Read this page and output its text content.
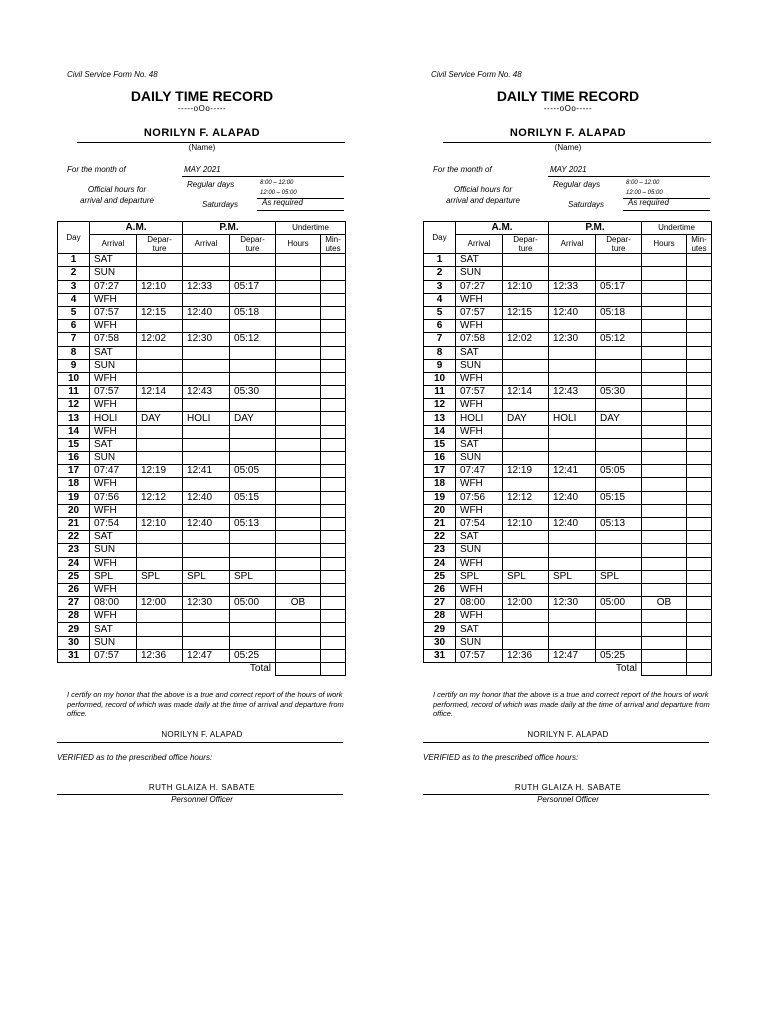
Civil Service Form No. 48
DAILY TIME RECORD
-----oOo-----
NORILYN F. ALAPAD
(Name)
For the month of	MAY 2021
Official hours for
arrival and departure
Regular days	8:00 – 12:00
12:00 – 05:00
Saturdays	As required
Day	A.M.		P.M.		Undertime	
	Arrival	Depar-
ture	Arrival	Depar-
ture	Hours	Min-
utes
1	SAT					
2	SUN					
3	07:27	12:10	12:33	05:17		
4	WFH					
5	07:57	12:15	12:40	05:18		
6	WFH					
7	07:58	12:02	12:30	05:12		
8	SAT					
9	SUN					
10	WFH					
11	07:57	12:14	12:43	05:30		
12	WFH					
13	HOLI	DAY	HOLI	DAY		
14	WFH					
15	SAT					
16	SUN					
17	07:47	12:19	12:41	05:05		
18	WFH					
19	07:56	12:12	12:40	05:15		
20	WFH					
21	07:54	12:10	12:40	05:13		
22	SAT					
23	SUN					
24	WFH					
25	SPL	SPL	SPL	SPL		
26	WFH					
27	08:00	12:00	12:30	05:00	OB	
28	WFH					
29	SAT					
30	SUN					
31	07:57	12:36	12:47	05:25		
Total						
I certify on my honor that the above is a true and correct report of the hours of work performed, record of which was made daily at the time of arrival and departure from office.
NORILYN F. ALAPAD
VERIFIED as to the prescribed office hours:
RUTH GLAIZA H. SABATE
Personnel Officer
Civil Service Form No. 48
DAILY TIME RECORD
-----oOo-----
NORILYN F. ALAPAD
(Name)
For the month of	MAY 2021
Official hours for
arrival and departure
Regular days	8:00 – 12:00
12:00 – 05:00
Saturdays	As required
Day	A.M.		P.M.		Undertime	
	Arrival	Depar-
ture	Arrival	Depar-
ture	Hours	Min-
utes
1	SAT					
2	SUN					
3	07:27	12:10	12:33	05:17		
4	WFH					
5	07:57	12:15	12:40	05:18		
6	WFH					
7	07:58	12:02	12:30	05:12		
8	SAT					
9	SUN					
10	WFH					
11	07:57	12:14	12:43	05:30		
12	WFH					
13	HOLI	DAY	HOLI	DAY		
14	WFH					
15	SAT					
16	SUN					
17	07:47	12:19	12:41	05:05		
18	WFH					
19	07:56	12:12	12:40	05:15		
20	WFH					
21	07:54	12:10	12:40	05:13		
22	SAT					
23	SUN					
24	WFH					
25	SPL	SPL	SPL	SPL		
26	WFH					
27	08:00	12:00	12:30	05:00	OB	
28	WFH					
29	SAT					
30	SUN					
31	07:57	12:36	12:47	05:25		
Total						
I certify on my honor that the above is a true and correct report of the hours of work performed, record of which was made daily at the time of arrival and departure from office.
NORILYN F. ALAPAD
VERIFIED as to the prescribed office hours:
RUTH GLAIZA H. SABATE
Personnel Officer
